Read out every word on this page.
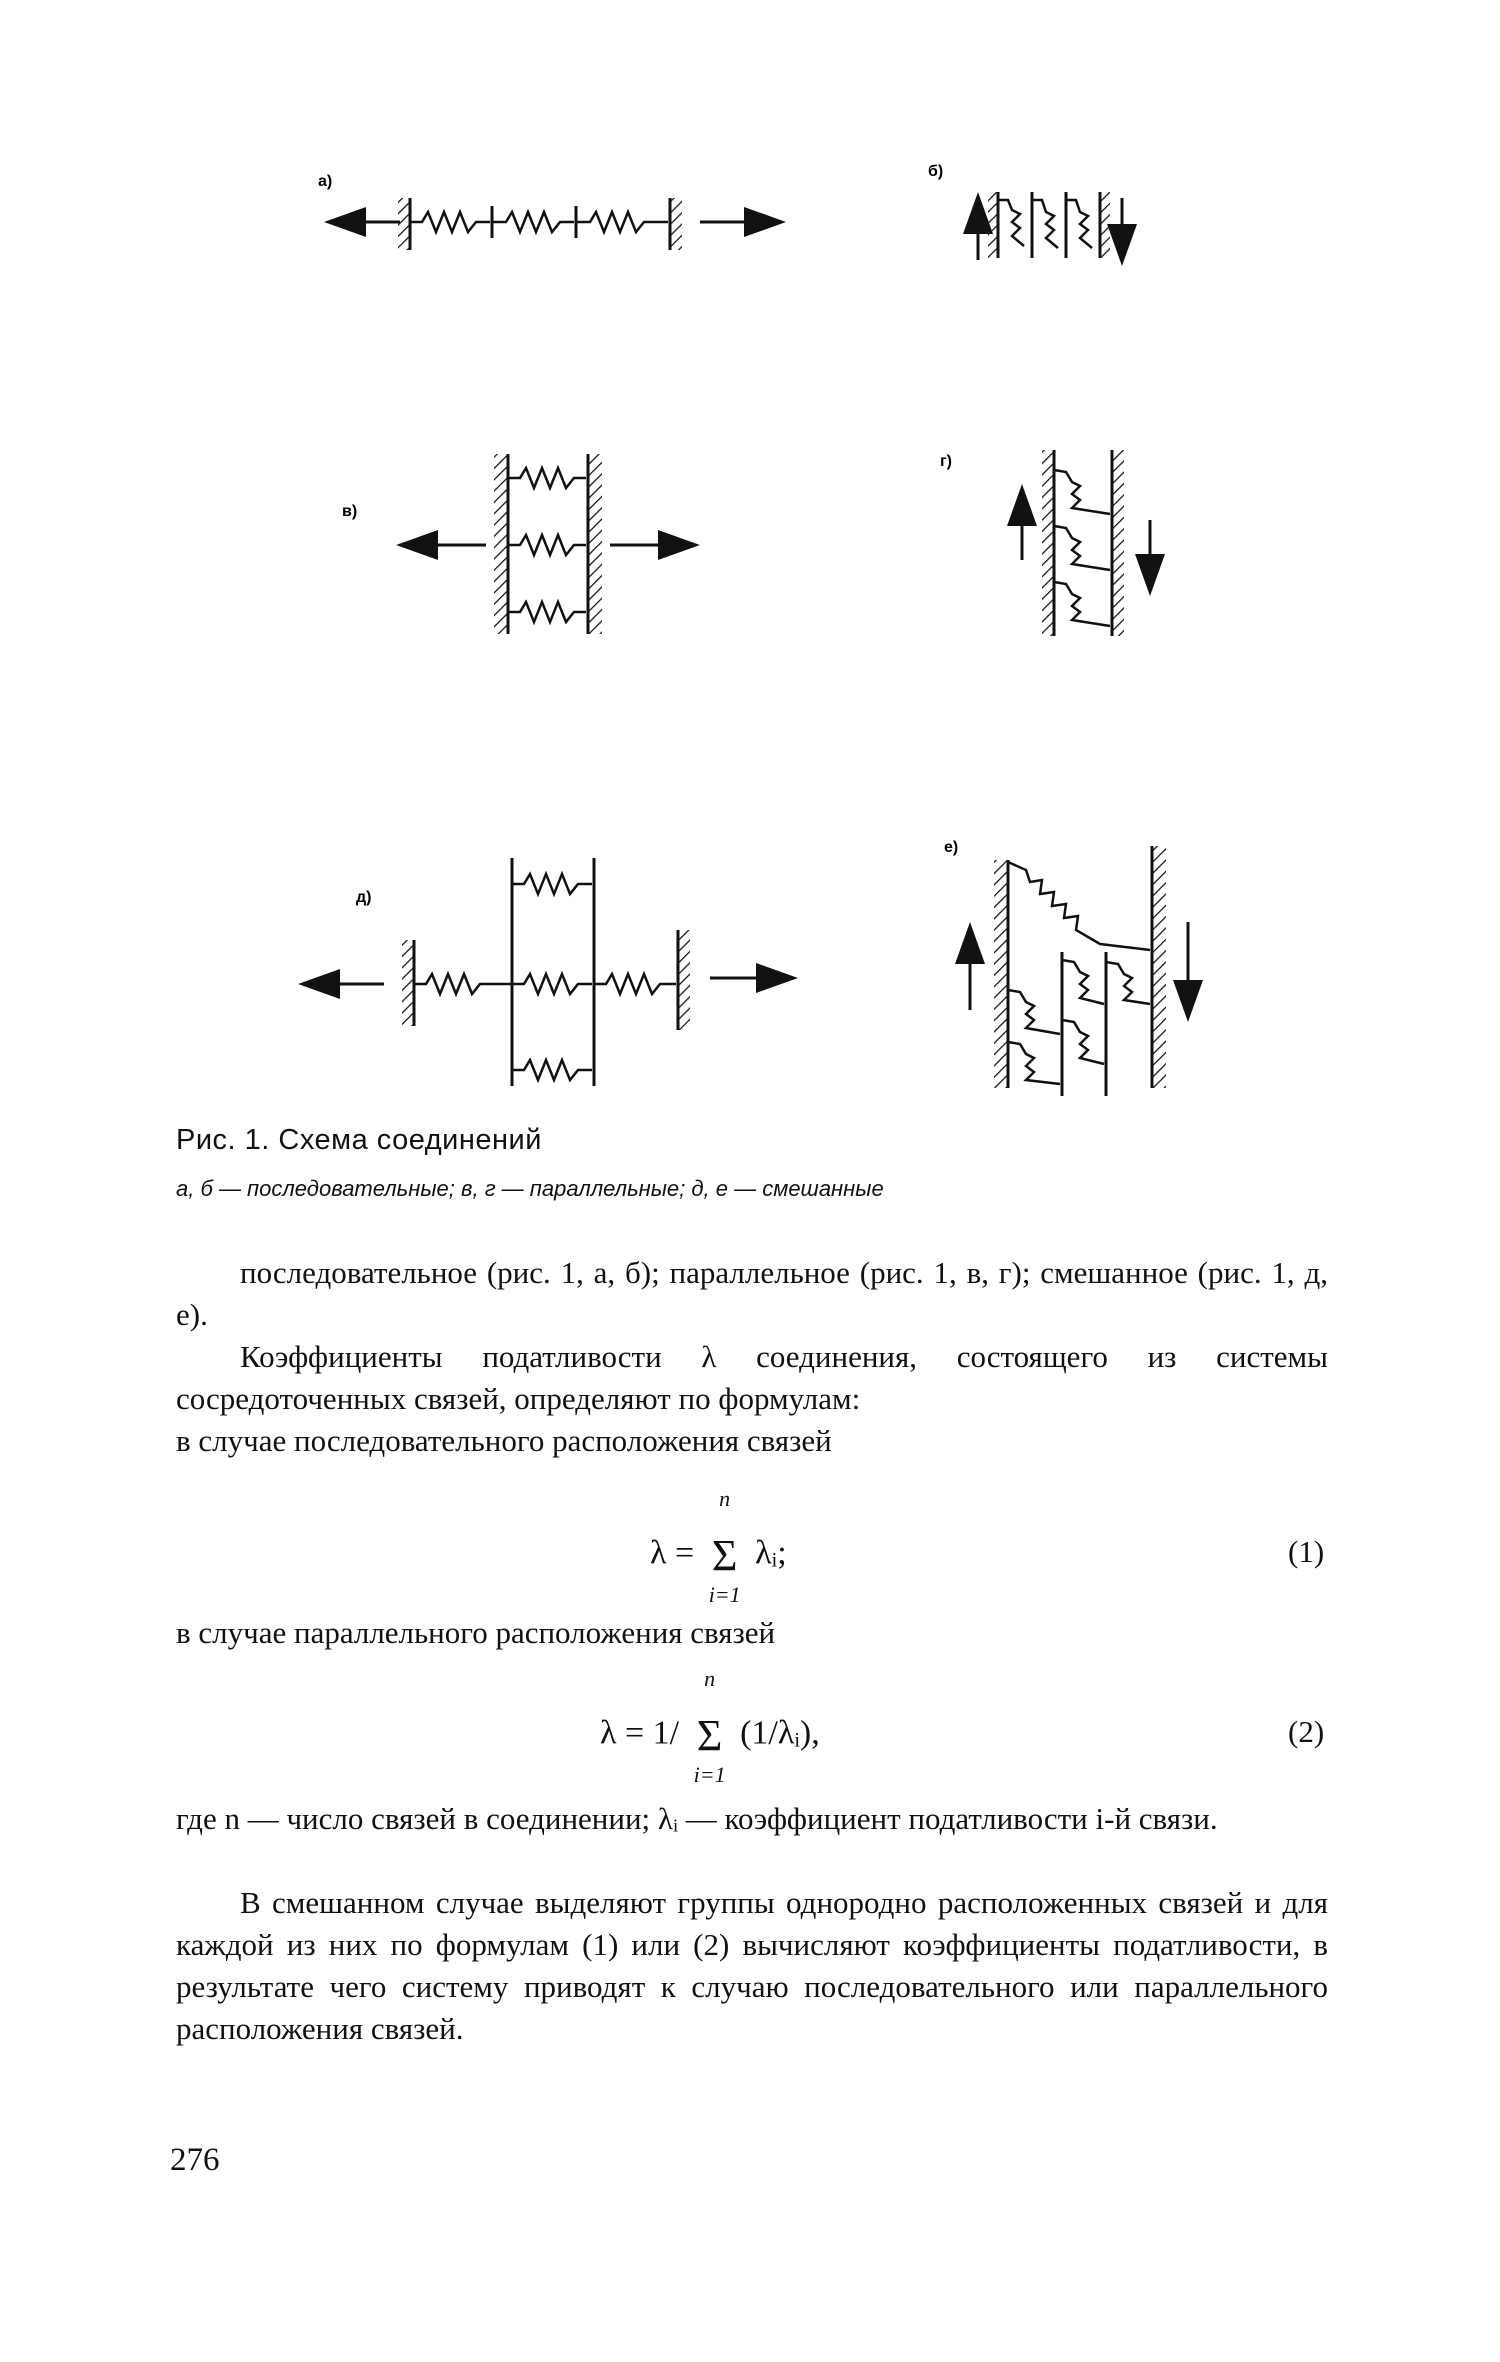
а)
б)
в)
г)
д)
е)
Рис. 1. Схема соединений
а, б — последовательные; в, г — параллельные; д, е — смешанные
последовательное (рис. 1, а, б); параллельное (рис. 1, в, г); смешанное (рис. 1, д, е).
Коэффициенты податливости λ соединения, состоящего из системы сосредоточенных связей, определяют по формулам:
в случае последовательного расположения связей
λ =
n
Σ
i=1
λᵢ;	(1)
в случае параллельного расположения связей
λ = 1/
n
Σ
i=1
(1/λᵢ),	(2)
где n — число связей в соединении; λᵢ — коэффициент податливости i-й связи.
В смешанном случае выделяют группы однородно расположенных связей и для каждой из них по формулам (1) или (2) вычисляют коэффициенты податливости, в результате чего систему приводят к случаю последовательного или параллельного расположения связей.
276
